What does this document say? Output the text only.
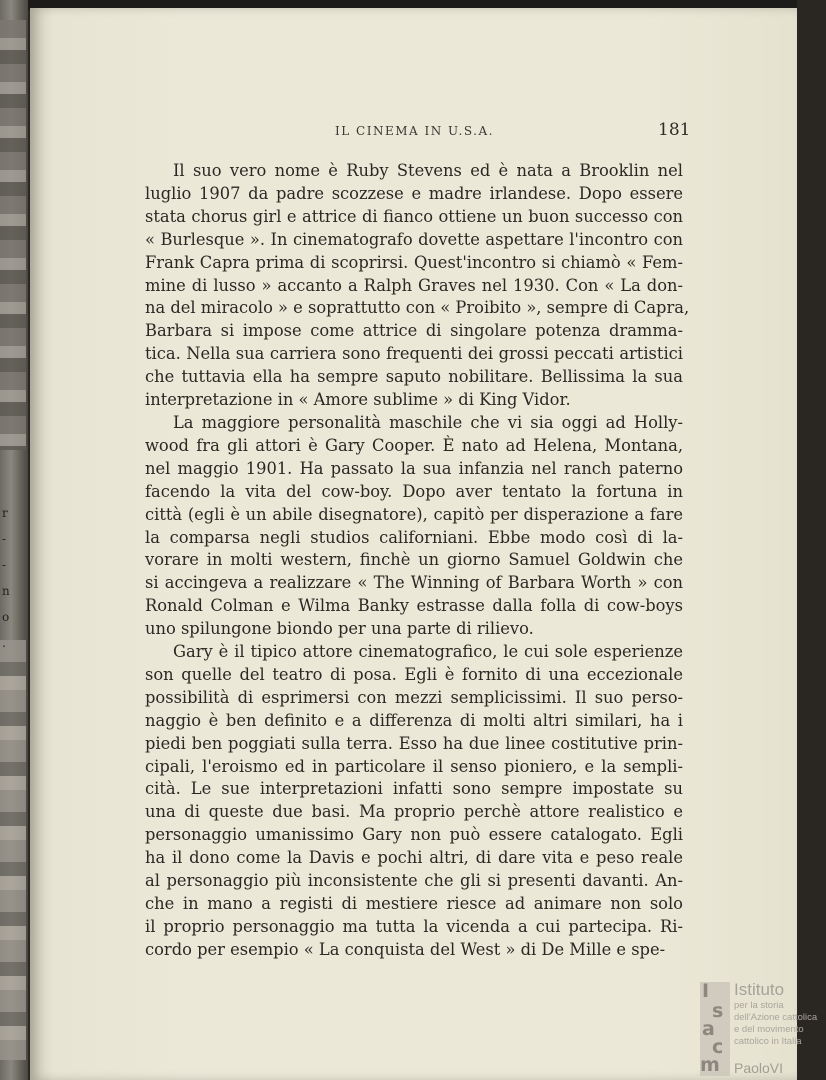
r
-
-
n
o
.
IL CINEMA IN U.S.A.	181
Il suo vero nome è Ruby Stevens ed è nata a Brooklin nel
luglio 1907 da padre scozzese e madre irlandese. Dopo essere
stata chorus girl e attrice di fianco ottiene un buon successo con
« Burlesque ». In cinematografo dovette aspettare l'incontro con
Frank Capra prima di scoprirsi. Quest'incontro si chiamò « Fem-
mine di lusso » accanto a Ralph Graves nel 1930. Con « La don-
na del miracolo » e soprattutto con « Proibito », sempre di Capra,
Barbara si impose come attrice di singolare potenza dramma-
tica. Nella sua carriera sono frequenti dei grossi peccati artistici
che tuttavia ella ha sempre saputo nobilitare. Bellissima la sua
interpretazione in « Amore sublime » di King Vidor.
La maggiore personalità maschile che vi sia oggi ad Holly-
wood fra gli attori è Gary Cooper. È nato ad Helena, Montana,
nel maggio 1901. Ha passato la sua infanzia nel ranch paterno
facendo la vita del cow-boy. Dopo aver tentato la fortuna in
città (egli è un abile disegnatore), capitò per disperazione a fare
la comparsa negli studios californiani. Ebbe modo così di la-
vorare in molti western, finchè un giorno Samuel Goldwin che
si accingeva a realizzare « The Winning of Barbara Worth » con
Ronald Colman e Wilma Banky estrasse dalla folla di cow-boys
uno spilungone biondo per una parte di rilievo.
Gary è il tipico attore cinematografico, le cui sole esperienze
son quelle del teatro di posa. Egli è fornito di una eccezionale
possibilità di esprimersi con mezzi semplicissimi. Il suo perso-
naggio è ben definito e a differenza di molti altri similari, ha i
piedi ben poggiati sulla terra. Esso ha due linee costitutive prin-
cipali, l'eroismo ed in particolare il senso pioniero, e la sempli-
cità. Le sue interpretazioni infatti sono sempre impostate su
una di queste due basi. Ma proprio perchè attore realistico e
personaggio umanissimo Gary non può essere catalogato. Egli
ha il dono come la Davis e pochi altri, di dare vita e peso reale
al personaggio più inconsistente che gli si presenti davanti. An-
che in mano a registi di mestiere riesce ad animare non solo
il proprio personaggio ma tutta la vicenda a cui partecipa. Ri-
cordo per esempio « La conquista del West » di De Mille e spe-
I
s
a
c
m
Istituto
per la storia
dell'Azione cattolica
e del movimento
cattolico in Italia
PaoloVI
